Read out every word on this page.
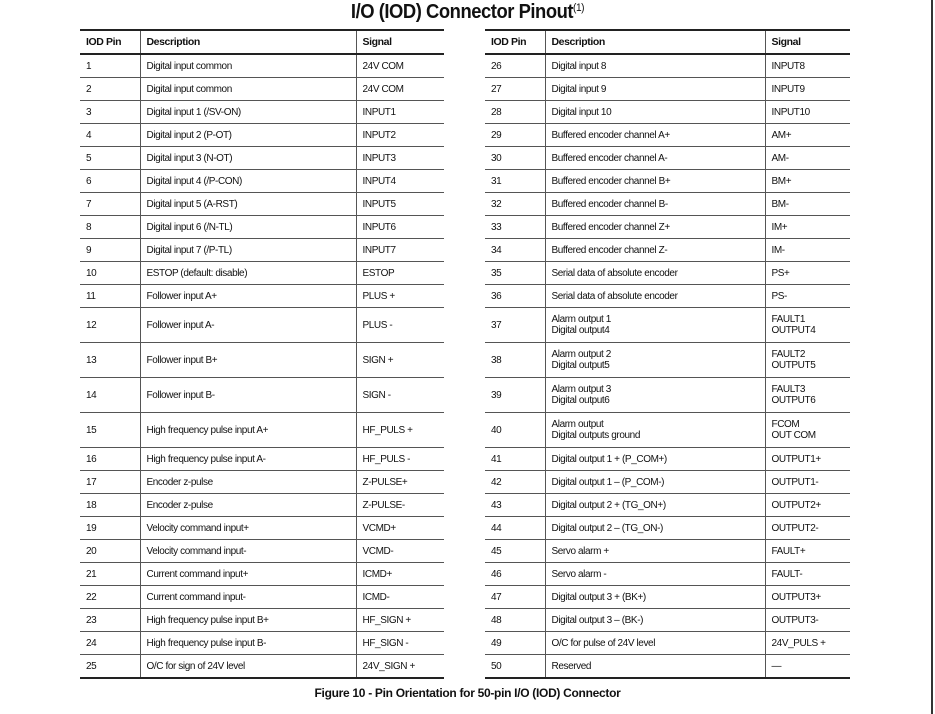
I/O (IOD) Connector Pinout$^{(1)}$
IOD Pin	Description	Signal
1	Digital input common	24V COM

2	Digital input common	24V COM

3	Digital input 1 (/SV-ON)	INPUT1

4	Digital input 2 (P-OT)	INPUT2

5	Digital input 3 (N-OT)	INPUT3

6	Digital input 4 (/P-CON)	INPUT4

7	Digital input 5 (A-RST)	INPUT5

8	Digital input 6 (/N-TL)	INPUT6

9	Digital input 7 (/P-TL)	INPUT7

10	ESTOP (default: disable)	ESTOP

11	Follower input A+	PLUS +

12	Follower input A-	PLUS -

13	Follower input B+	SIGN +

14	Follower input B-	SIGN -

15	High frequency pulse input A+	HF_PULS +

16	High frequency pulse input A-	HF_PULS -

17	Encoder z-pulse	Z-PULSE+

18	Encoder z-pulse	Z-PULSE-

19	Velocity command input+	VCMD+

20	Velocity command input-	VCMD-

21	Current command input+	ICMD+

22	Current command input-	ICMD-

23	High frequency pulse input B+	HF_SIGN +

24	High frequency pulse input B-	HF_SIGN -

25	O/C for sign of 24V level	24V_SIGN +
IOD Pin	Description	Signal
26	Digital input 8	INPUT8

27	Digital input 9	INPUT9

28	Digital input 10	INPUT10

29	Buffered encoder channel A+	AM+

30	Buffered encoder channel A-	AM-

31	Buffered encoder channel B+	BM+

32	Buffered encoder channel B-	BM-

33	Buffered encoder channel Z+	IM+

34	Buffered encoder channel Z-	IM-

35	Serial data of absolute encoder	PS+

36	Serial data of absolute encoder	PS-

37	Alarm output 1
Digital output4	FAULT1
OUTPUT4

38	Alarm output 2
Digital output5	FAULT2
OUTPUT5

39	Alarm output 3
Digital output6	FAULT3
OUTPUT6

40	Alarm output
Digital outputs ground	FCOM
OUT COM

41	Digital output 1 + (P_COM+)	OUTPUT1+

42	Digital output 1 – (P_COM-)	OUTPUT1-

43	Digital output 2 + (TG_ON+)	OUTPUT2+

44	Digital output 2 – (TG_ON-)	OUTPUT2-

45	Servo alarm +	FAULT+

46	Servo alarm -	FAULT-

47	Digital output 3 + (BK+)	OUTPUT3+

48	Digital output 3 – (BK-)	OUTPUT3-

49	O/C for pulse of 24V level	24V_PULS +

50	Reserved	—
Figure 10 - Pin Orientation for 50-pin I/O (IOD) Connector
